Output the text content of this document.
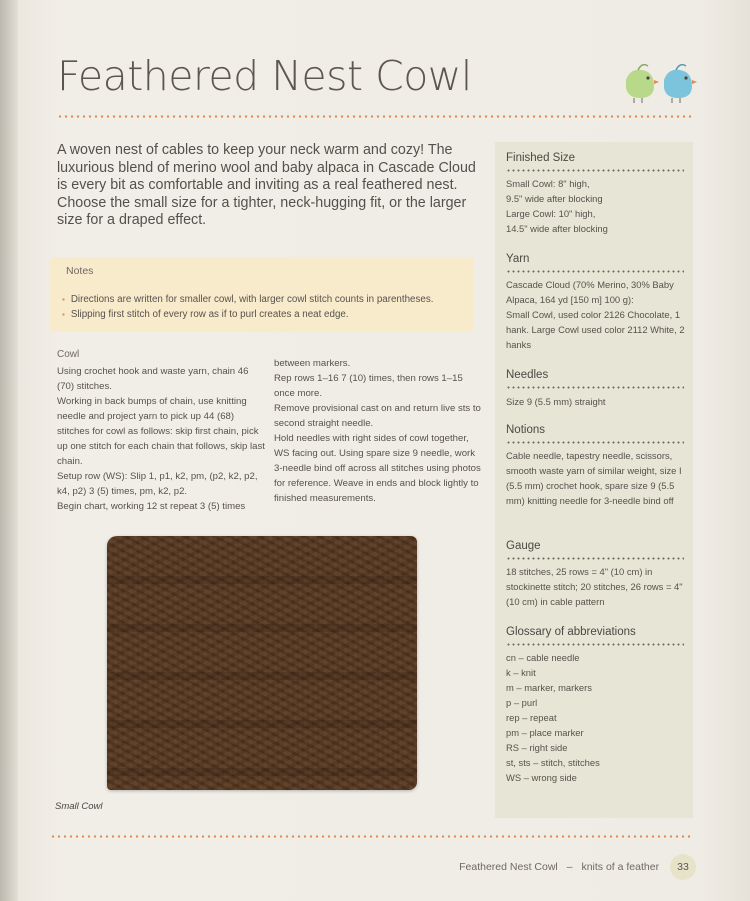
Feathered Nest Cowl

A woven nest of cables to keep your neck warm and cozy! The luxurious blend of merino wool and baby alpaca in Cascade Cloud is every bit as comfortable and inviting as a real feathered nest. Choose the small size for a tighter, neck-hugging fit, or the larger size for a draped effect.

Notes
▪ Directions are written for smaller cowl, with larger cowl stitch counts in parentheses.
▪ Slipping first stitch of every row as if to purl creates a neat edge.
Cowl

Using crochet hook and waste yarn, chain 46 (70) stitches.

Working in back bumps of chain, use knitting needle and project yarn to pick up 44 (68) stitches for cowl as follows: skip first chain, pick up one stitch for each chain that follows, skip last chain.

Setup row (WS): Slip 1, p1, k2, pm, (p2, k2, p2, k4, p2) 3 (5) times, pm, k2, p2.

Begin chart, working 12 st repeat 3 (5) times

between markers.

Rep rows 1–16 7 (10) times, then rows 1–15 once more.

Remove provisional cast on and return live sts to second straight needle.

Hold needles with right sides of cowl together, WS facing out. Using spare size 9 needle, work 3-needle bind off across all stitches using photos for reference. Weave in ends and block lightly to finished measurements.

Small Cowl
Finished Size

Small Cowl: 8" high,

9.5" wide after blocking

Large Cowl: 10" high,

14.5" wide after blocking

Yarn

Cascade Cloud (70% Merino, 30% Baby Alpaca, 164 yd [150 m] 100 g):

Small Cowl, used color 2126 Chocolate, 1 hank. Large Cowl used color 2112 White, 2 hanks

Needles

Size 9 (5.5 mm) straight

Notions

Cable needle, tapestry needle, scissors, smooth waste yarn of similar weight, size I (5.5 mm) crochet hook, spare size 9 (5.5 mm) knitting needle for 3-needle bind off

Gauge

18 stitches, 25 rows = 4" (10 cm) in stockinette stitch; 20 stitches, 26 rows = 4" (10 cm) in cable pattern

Glossary of abbreviations

cn – cable needle

k – knit

m – marker, markers

p – purl

rep – repeat

pm – place marker

RS – right side

st, sts – stitch, stitches

WS – wrong side

Feathered Nest Cowl – knits of a feather 33
